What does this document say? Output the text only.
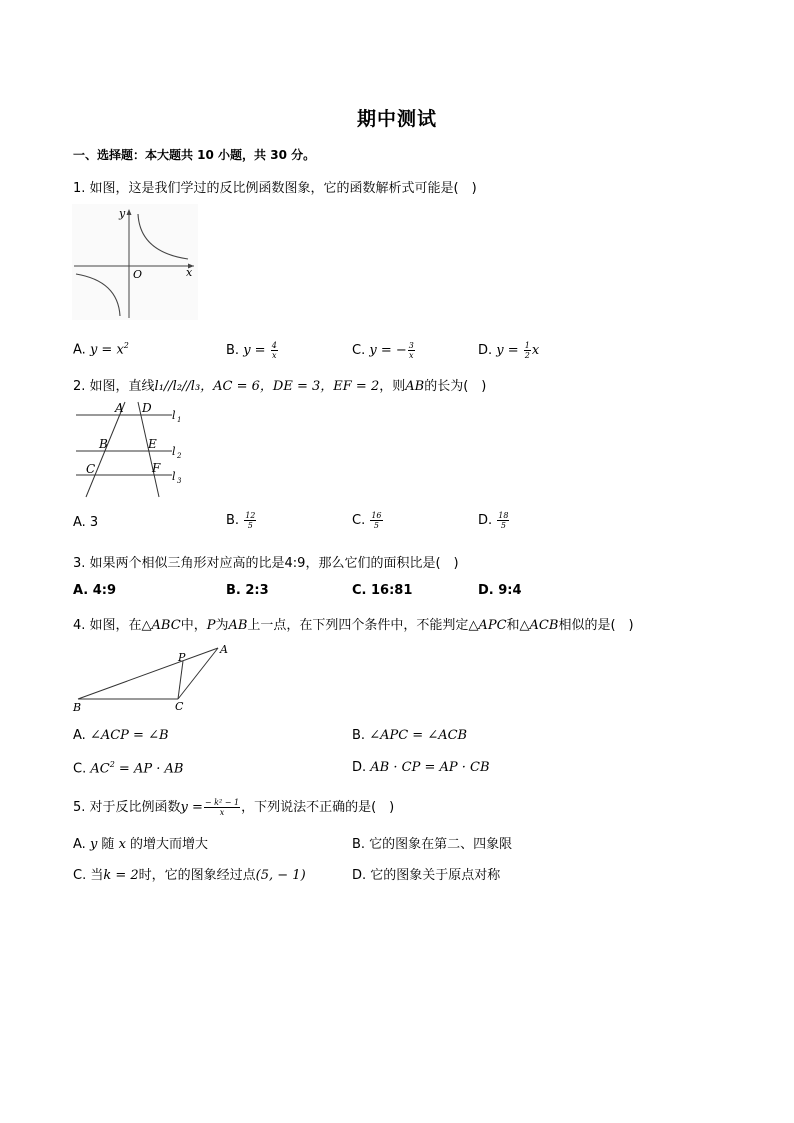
期中测试
一、选择题：本大题共 10 小题，共 30 分。
1. 如图，这是我们学过的反比例函数图象，它的函数解析式可能是(　)
y
x
O
A. $y = x^2$	B. $y = \frac{4}{x}$	C. y = − $\frac{3}{x}$	D. $y = \frac{1}{2}$ x
2. 如图，直线l₁//l₂//l₃，AC = 6，DE = 3，EF = 2，则AB的长为(　)
A D
B	E
C	F
l 1
l 2
l 3
A. 3	B. $\frac{12}{5}$	C. $\frac{16}{5}$	D. $\frac{18}{5}$
3. 如果两个相似三角形对应高的比是4:9，那么它们的面积比是(　)
A. 4:9	B. 2:3	C. 16:81	D. 9:4
4. 如图，在△ABC中，P为AB上一点，在下列四个条件中，不能判定△APC和△ACB相似的是(　)
P
A
B	C
A. ∠ACP = ∠B	B. ∠APC = ∠ACB
C. $AC^2$ = AP · AB	D. AB · CP = AP · CB
5. 对于反比例函数$y = \frac{\text{− k² − 1}}{x}$ ，下列说法不正确的是(　)
A. y 随 x 的增大而增大	B. 它的图象在第二、四象限
C. 当k = 2时，它的图象经过点(5, − 1)	D. 它的图象关于原点对称
